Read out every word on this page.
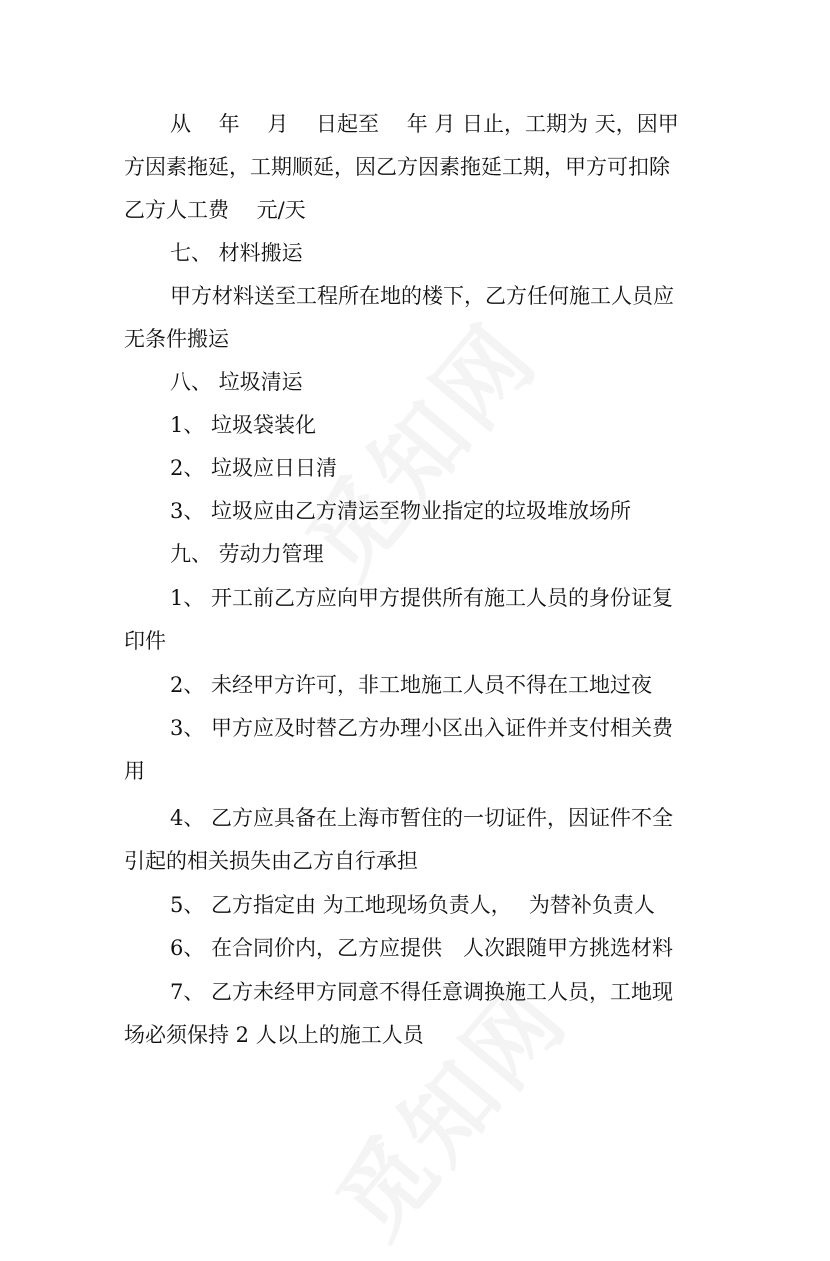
从　 年　 月　 日起至　 年 月 日止，工期为 天，因甲
方因素拖延，工期顺延，因乙方因素拖延工期，甲方可扣除
乙方人工费　 元/天

七、 材料搬运

甲方材料送至工程所在地的楼下，乙方任何施工人员应
无条件搬运

八、 垃圾清运

1、 垃圾袋装化

2、 垃圾应日日清

3、 垃圾应由乙方清运至物业指定的垃圾堆放场所

九、 劳动力管理

1、 开工前乙方应向甲方提供所有施工人员的身份证复
印件

2、 未经甲方许可，非工地施工人员不得在工地过夜

3、 甲方应及时替乙方办理小区出入证件并支付相关费
用

4、 乙方应具备在上海市暂住的一切证件，因证件不全
引起的相关损失由乙方自行承担

5、 乙方指定由 为工地现场负责人，　 为替补负责人

6、 在合同价内，乙方应提供　人次跟随甲方挑选材料

7、 乙方未经甲方同意不得任意调换施工人员，工地现
场必须保持 2 人以上的施工人员
